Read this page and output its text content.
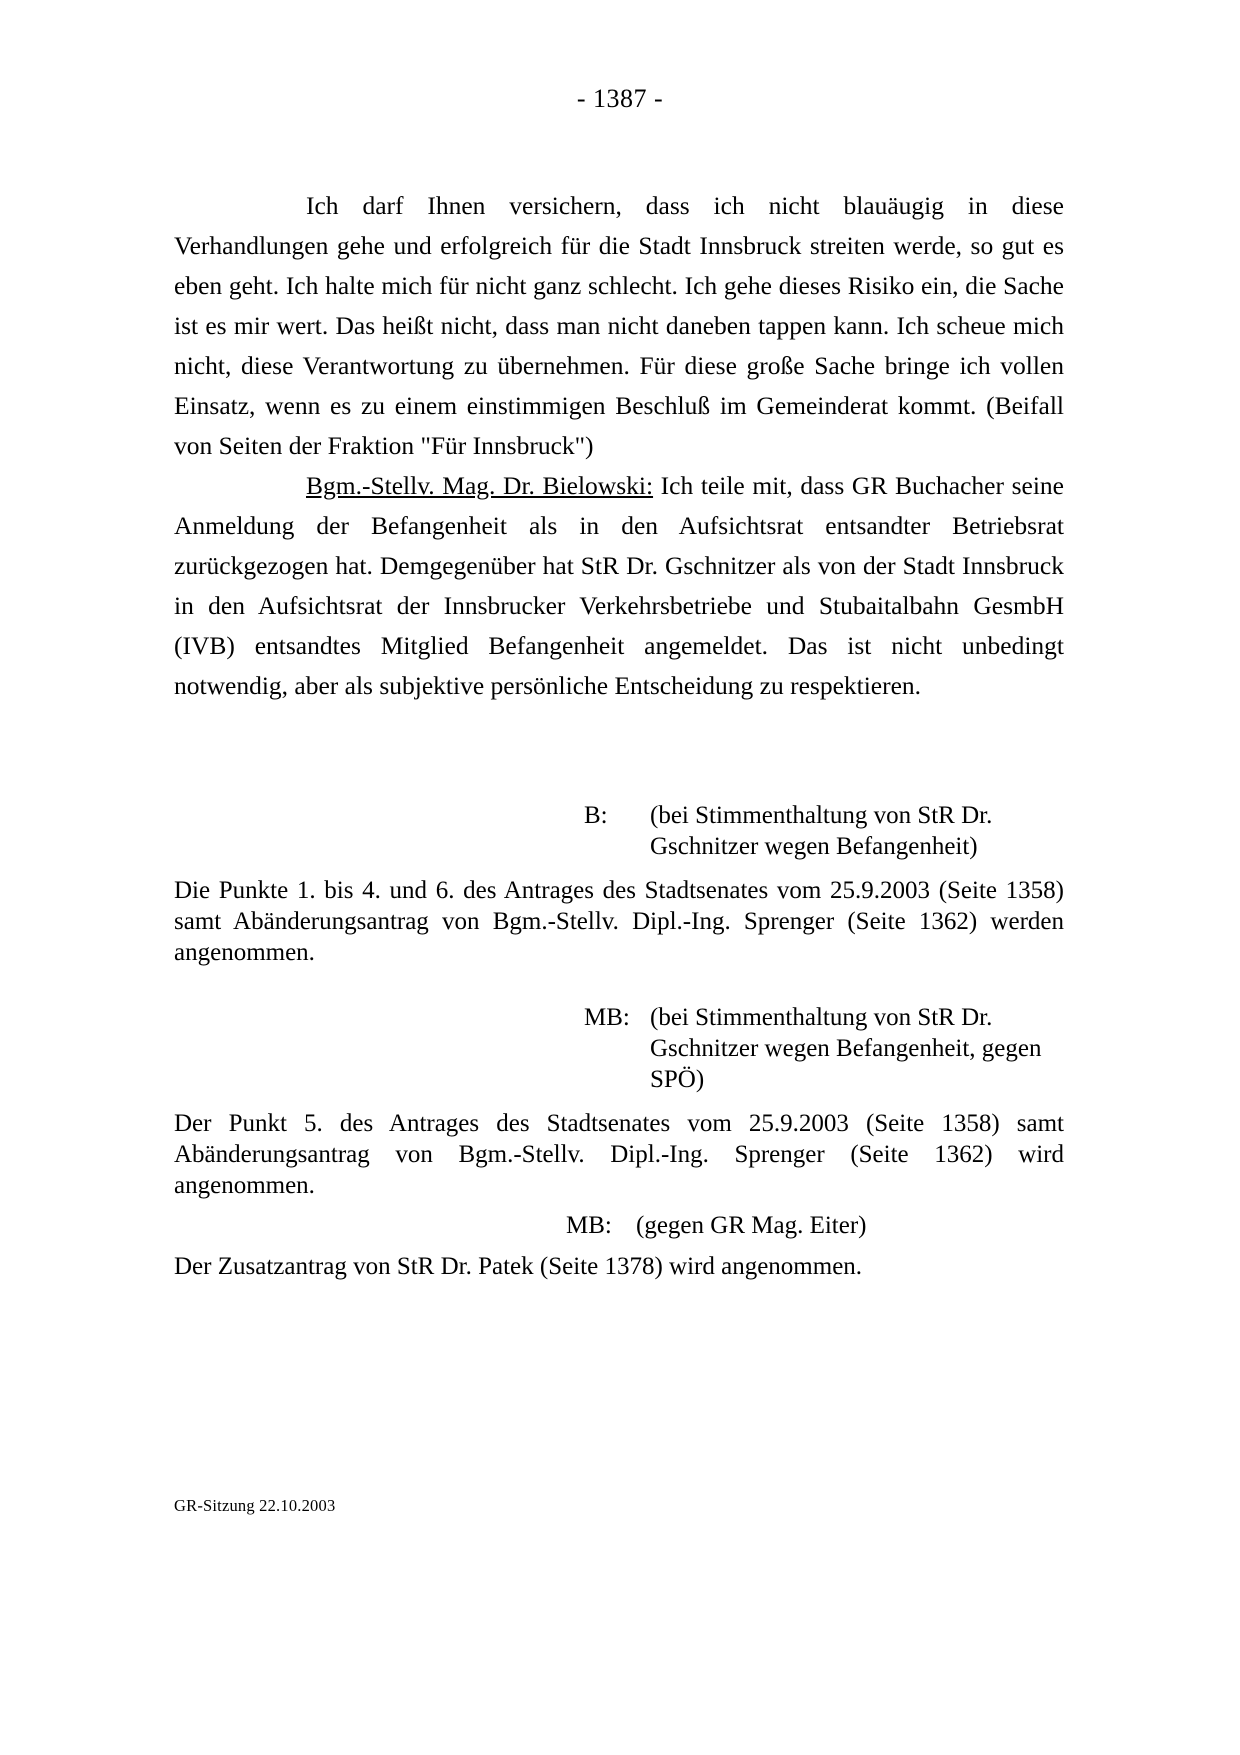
- 1387 -

Ich darf Ihnen versichern, dass ich nicht blauäugig in diese Verhandlungen gehe und erfolgreich für die Stadt Innsbruck streiten werde, so gut es eben geht. Ich halte mich für nicht ganz schlecht. Ich gehe dieses Risiko ein, die Sache ist es mir wert. Das heißt nicht, dass man nicht daneben tappen kann. Ich scheue mich nicht, diese Verantwortung zu übernehmen. Für diese große Sache bringe ich vollen Einsatz, wenn es zu einem einstimmigen Beschluß im Gemeinderat kommt. (Beifall von Seiten der Fraktion "Für Innsbruck")

Bgm.-Stellv. Mag. Dr. Bielowski: Ich teile mit, dass GR Buchacher seine Anmeldung der Befangenheit als in den Aufsichtsrat entsandter Betriebsrat zurückgezogen hat. Demgegenüber hat StR Dr. Gschnitzer als von der Stadt Innsbruck in den Aufsichtsrat der Innsbrucker Verkehrsbetriebe und Stubaitalbahn GesmbH (IVB) entsandtes Mitglied Befangenheit angemeldet. Das ist nicht unbedingt notwendig, aber als subjektive persönliche Entscheidung zu respektieren.

B:	(bei Stimmenthaltung von StR Dr. Gschnitzer wegen Befangenheit)
Die Punkte 1. bis 4. und 6. des Antrages des Stadtsenates vom 25.9.2003 (Seite 1358) samt Abänderungsantrag von Bgm.-Stellv. Dipl.-Ing. Sprenger (Seite 1362) werden angenommen.
MB: (bei Stimmenthaltung von StR Dr. Gschnitzer wegen Befangenheit, gegen SPÖ)
Der Punkt 5. des Antrages des Stadtsenates vom 25.9.2003 (Seite 1358) samt Abänderungsantrag von Bgm.-Stellv. Dipl.-Ing. Sprenger (Seite 1362) wird angenommen.
MB: (gegen GR Mag. Eiter)
Der Zusatzantrag von StR Dr. Patek (Seite 1378) wird angenommen.
GR-Sitzung 22.10.2003
